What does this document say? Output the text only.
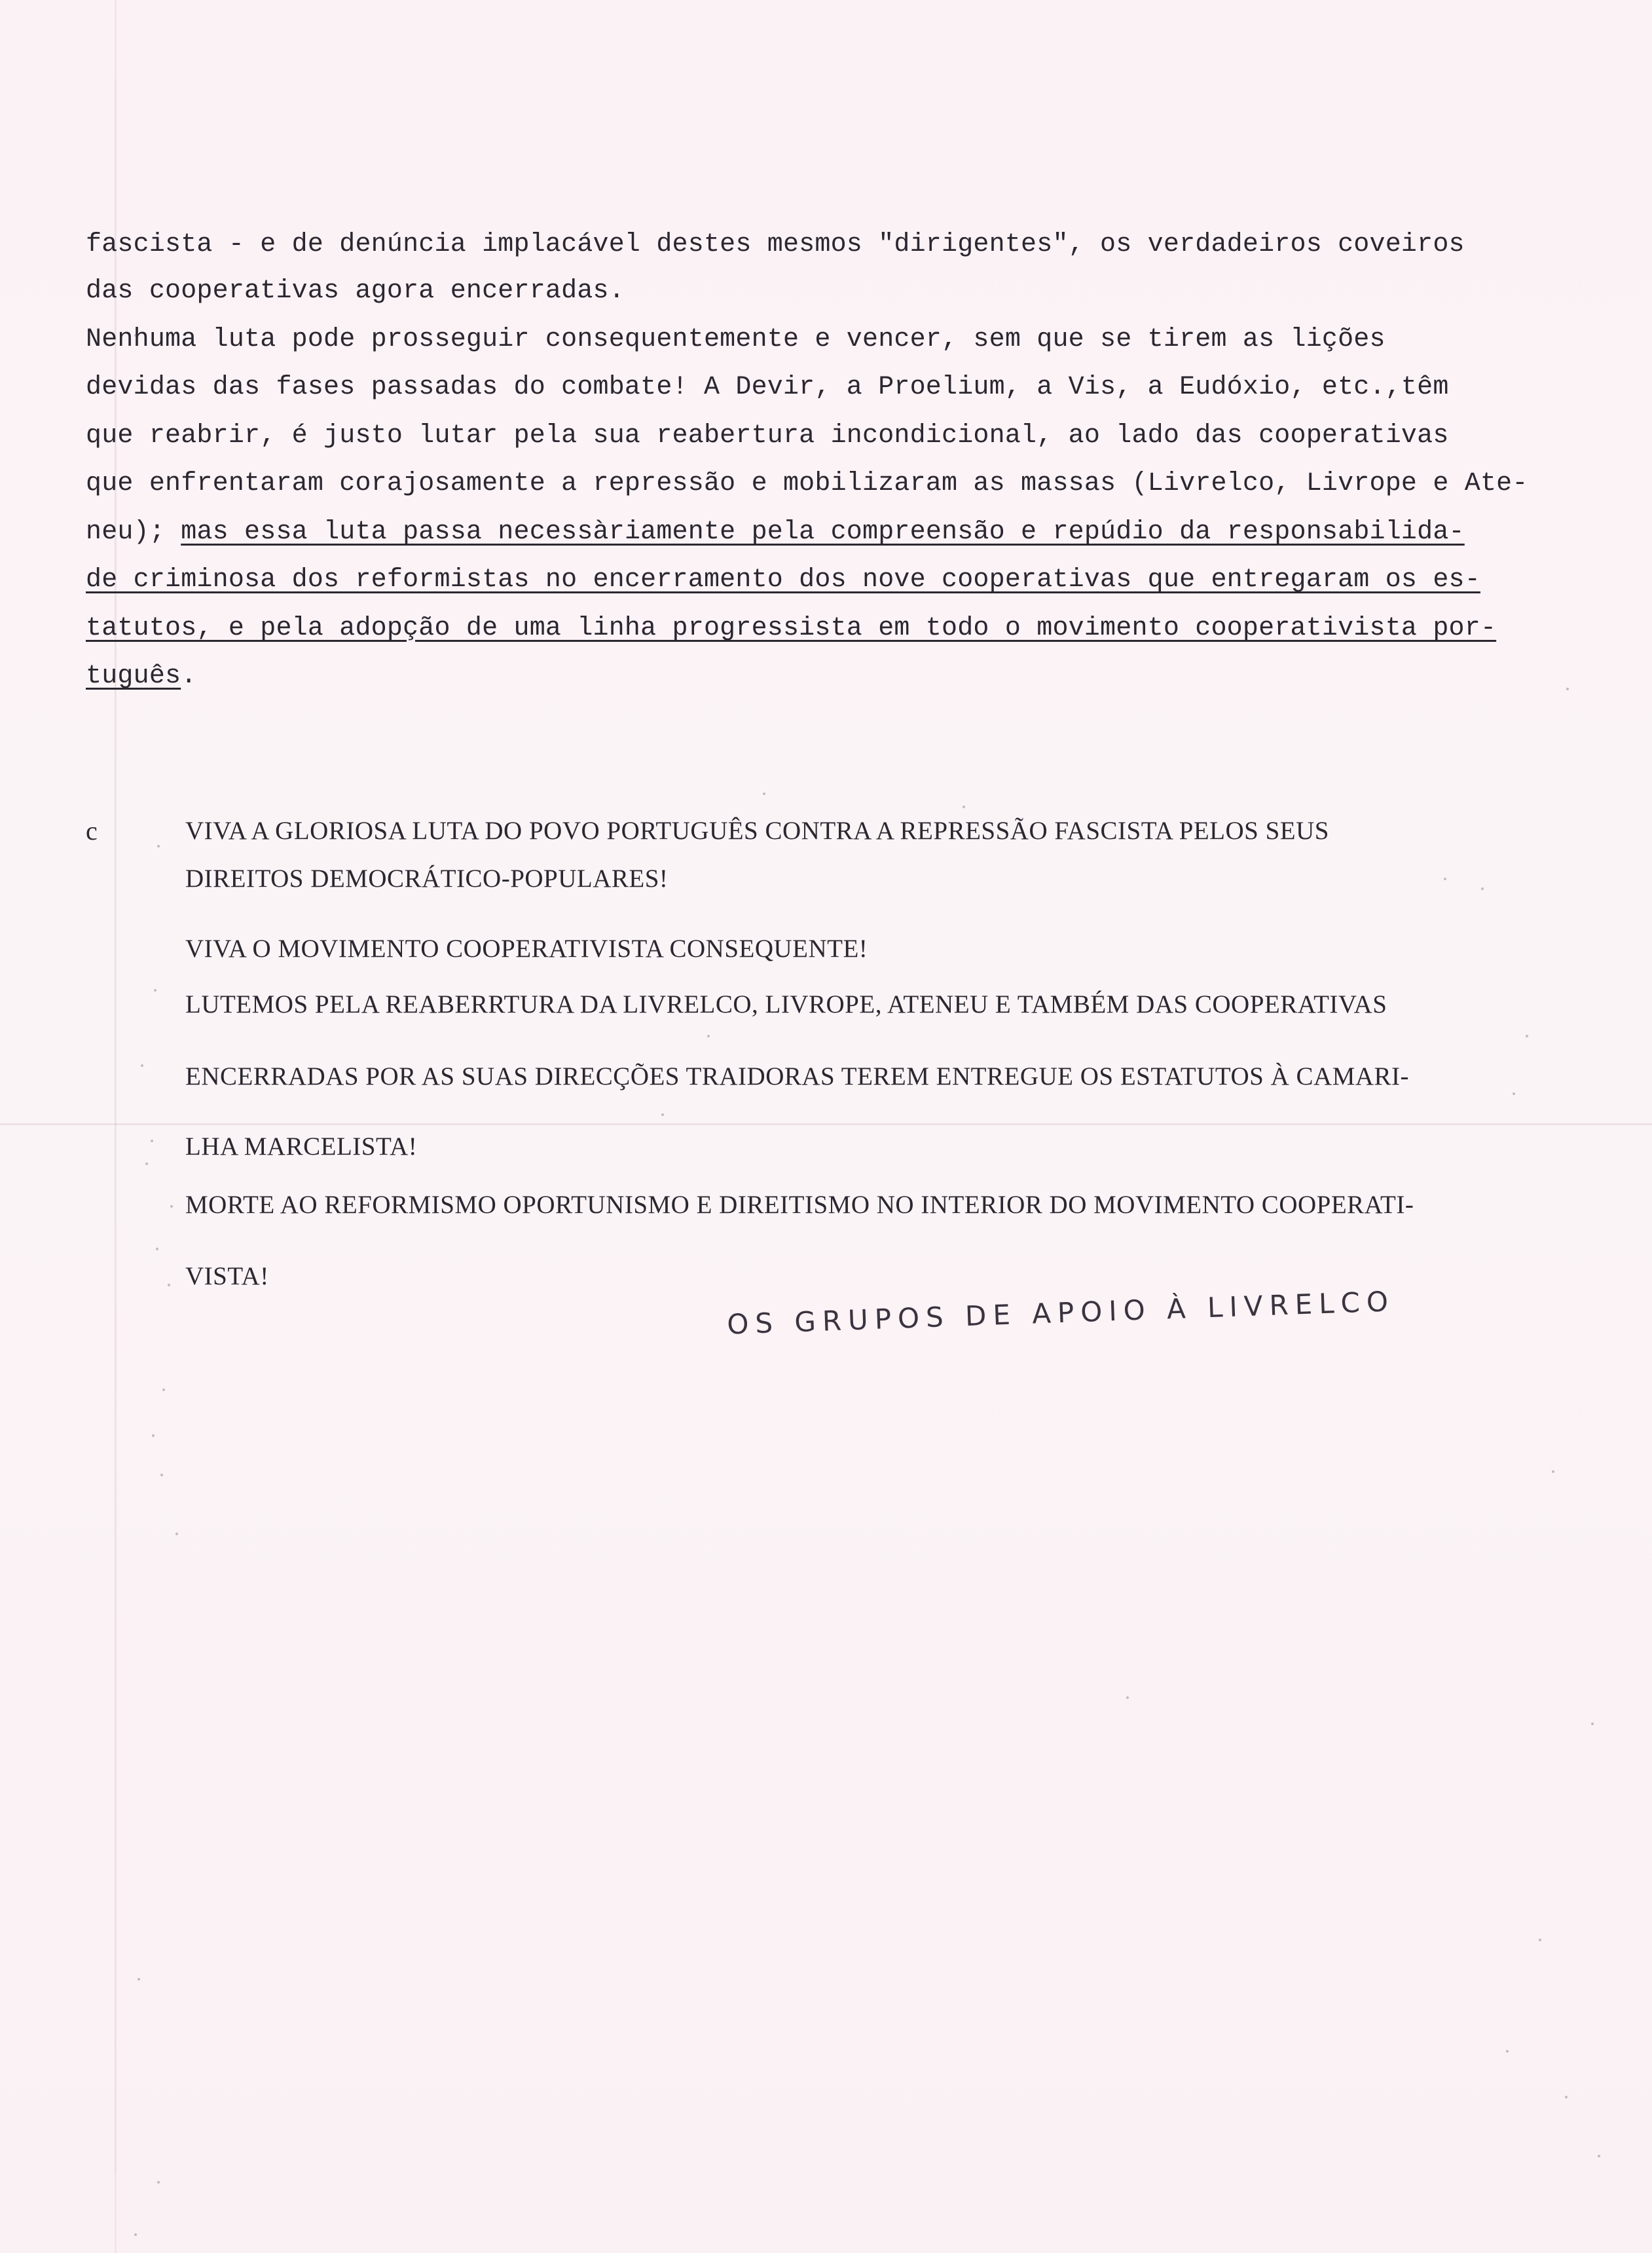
fascista - e de denúncia implacável destes mesmos "dirigentes", os verdadeiros coveiros
das cooperativas agora encerradas.
Nenhuma luta pode prosseguir consequentemente e vencer, sem que se tirem as lições
devidas das fases passadas do combate! A Devir, a Proelium, a Vis, a Eudóxio, etc.,têm
que reabrir, é justo lutar pela sua reabertura incondicional, ao lado das cooperativas
que enfrentaram corajosamente a repressão e mobilizaram as massas (Livrelco, Livrope e Ate-
neu); mas essa luta passa necessàriamente pela compreensão e repúdio da responsabilida-
de criminosa dos reformistas no encerramento dos nove cooperativas que entregaram os es-
tatutos, e pela adopção de uma linha progressista em todo o movimento cooperativista por-
tuguês.
c	VIVA A GLORIOSA LUTA DO POVO PORTUGUÊS CONTRA A REPRESSÃO FASCISTA PELOS SEUS
DIREITOS DEMOCRÁTICO-POPULARES!
VIVA O MOVIMENTO COOPERATIVISTA CONSEQUENTE!
LUTEMOS PELA REABERRTURA DA LIVRELCO, LIVROPE, ATENEU E TAMBÉM DAS COOPERATIVAS
ENCERRADAS POR AS SUAS DIRECÇÕES TRAIDORAS TEREM ENTREGUE OS ESTATUTOS À CAMARI-
LHA MARCELISTA!
MORTE AO REFORMISMO OPORTUNISMO E DIREITISMO NO INTERIOR DO MOVIMENTO COOPERATI-
VISTA!
OS GRUPOS DE APOIO À LIVRELCO
